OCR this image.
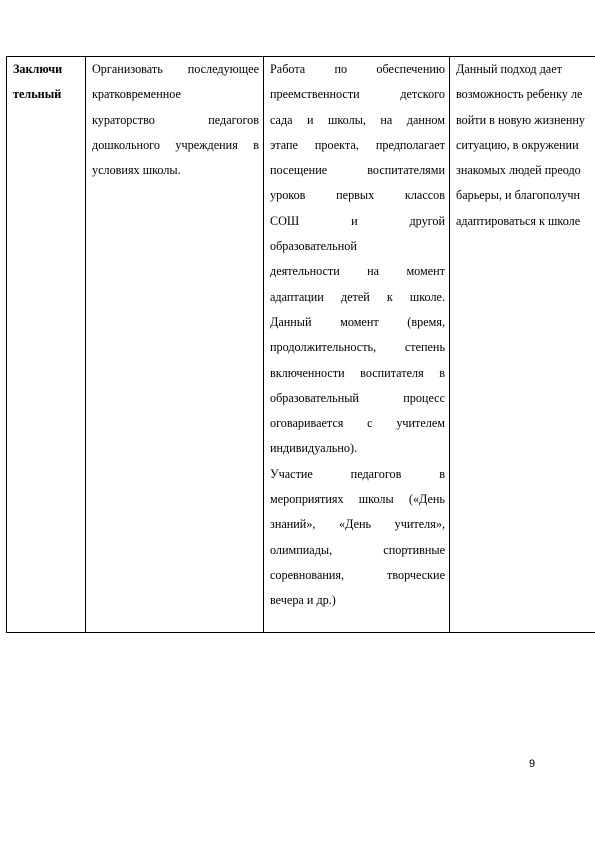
Заключи
тельный

Организовать последующее
кратковременное
кураторство педагогов
дошкольного учреждения в
условиях школы.

Работа по обеспечению
преемственности детского
сада и школы, на данном
этапе проекта, предполагает
посещение воспитателями
уроков первых классов
СОШ и другой
образовательной
деятельности на момент
адаптации детей к школе.
Данный момент (время,
продолжительность, степень
включенности воспитателя в
образовательный процесс
оговаривается с учителем
индивидуально).
Участие педагогов в
мероприятиях школы («День
знаний», «День учителя»,
олимпиады, спортивные
соревнования, творческие
вечера и др.)

Данный подход дает
возможность ребенку ле
войти в новую жизненну
ситуацию, в окружении
знакомых людей преодо
барьеры, и благополучн
адаптироваться к школе
9
